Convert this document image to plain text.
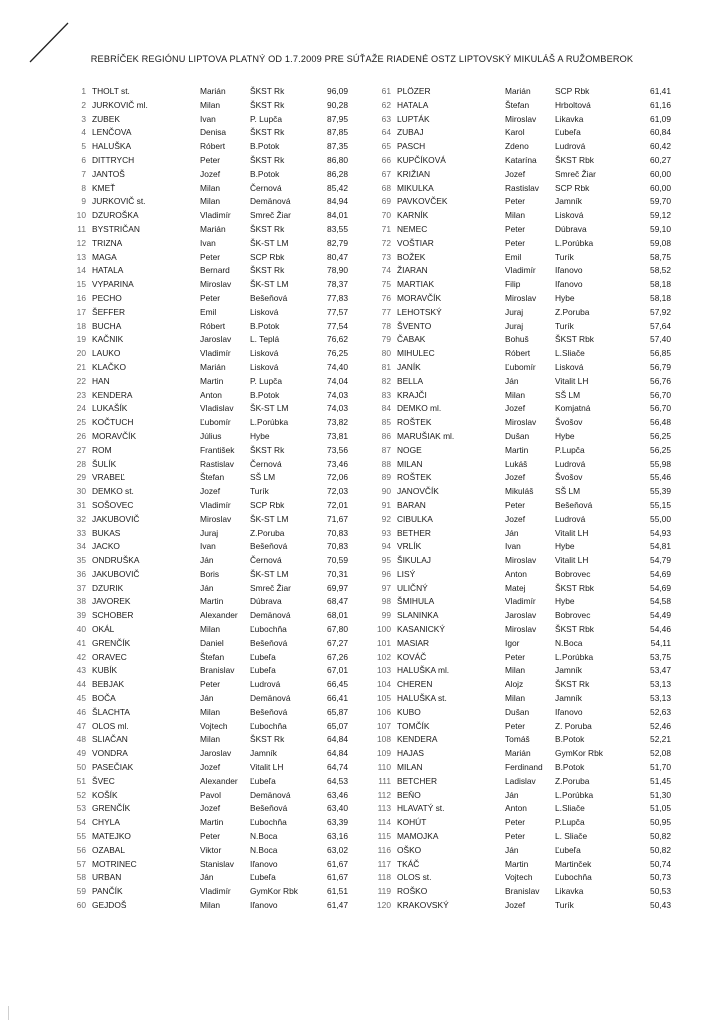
REBRÍČEK REGIÓNU LIPTOVA PLATNÝ OD 1.7.2009 PRE SÚŤAŽE RIADENÉ OSTZ LIPTOVSKÝ MIKULÁŠ A RUŽOMBEROK
1 THOLT st.	Marián	ŠKST Rk	96,09
2 JURKOVIČ ml.	Milan	ŠKST Rk	90,28
3 ZUBEK	Ivan	P. Lupča	87,95
4 LENČOVA	Denisa	ŠKST Rk	87,85
5 HALUŠKA	Róbert	B.Potok	87,35
6 DITTRYCH	Peter	ŠKST Rk	86,80
7 JANTOŠ	Jozef	B.Potok	86,28
8 KMEŤ	Milan	Černová	85,42
9 JURKOVIČ st.	Milan	Demänová	84,94
10 DZUROŠKA	Vladimír	Smreč Žiar	84,01
11 BYSTRIČAN	Marián	ŠKST Rk	83,55
12 TRIZNA	Ivan	ŠK-ST LM	82,79
13 MAGA	Peter	SCP Rbk	80,47
14 HATALA	Bernard	ŠKST Rk	78,90
15 VYPARINA	Miroslav	ŠK-ST LM	78,37
16 PECHO	Peter	Bešeňová	77,83
17 ŠEFFER	Emil	Lisková	77,57
18 BUCHA	Róbert	B.Potok	77,54
19 KAČNIK	Jaroslav	L. Teplá	76,62
20 LAUKO	Vladimír	Lisková	76,25
21 KLAČKO	Marián	Lisková	74,40
22 HAN	Martin	P. Lupča	74,04
23 KENDERA	Anton	B.Potok	74,03
24 LUKAŠÍK	Vladislav	ŠK-ST LM	74,03
25 KOČTUCH	Ľubomír	L.Porúbka	73,82
26 MORAVČÍK	Július	Hybe	73,81
27 ROM	František	ŠKST Rk	73,56
28 ŠULÍK	Rastislav	Černová	73,46
29 VRABEĽ	Štefan	SŠ LM	72,06
30 DEMKO st.	Jozef	Turík	72,03
31 SOŠOVEC	Vladimír	SCP Rbk	72,01
32 JAKUBOVIČ	Miroslav	ŠK-ST LM	71,67
33 BUKAS	Juraj	Z.Poruba	70,83
34 JACKO	Ivan	Bešeňová	70,83
35 ONDRUŠKA	Ján	Černová	70,59
36 JAKUBOVIČ	Boris	ŠK-ST LM	70,31
37 DZURIK	Ján	Smreč Žiar	69,97
38 JAVOREK	Martin	Dúbrava	68,47
39 SCHOBER	Alexander	Demänová	68,01
40 OKÁL	Milan	Ľubochňa	67,80
41 GRENČÍK	Daniel	Bešeňová	67,27
42 ORAVEC	Štefan	Ľubeľa	67,26
43 KUBÍK	Branislav	Ľubeľa	67,01
44 BEBJAK	Peter	Ludrová	66,45
45 BOČA	Ján	Demänová	66,41
46 ŠLACHTA	Milan	Bešeňová	65,87
47 OLOS ml.	Vojtech	Ľubochňa	65,07
48 SLIAČAN	Milan	ŠKST Rk	64,84
49 VONDRA	Jaroslav	Jamník	64,84
50 PASEČIAK	Jozef	Vitalit LH	64,74
51 ŠVEC	Alexander	Ľubeľa	64,53
52 KOŠÍK	Pavol	Demänová	63,46
53 GRENČÍK	Jozef	Bešeňová	63,40
54 CHYLA	Martin	Ľubochňa	63,39
55 MATEJKO	Peter	N.Boca	63,16
56 OZABAL	Viktor	N.Boca	63,02
57 MOTRINEC	Stanislav	Iľanovo	61,67
58 URBAN	Ján	Ľubeľa	61,67
59 PANČÍK	Vladimír	GymKor Rbk	61,51
60 GEJDOŠ	Milan	Iľanovo	61,47
61 PLÖZER	Marián	SCP Rbk	61,41
62 HATALA	Štefan	Hrboltová	61,16
63 LUPTÁK	Miroslav	Likavka	61,09
64 ZUBAJ	Karol	Ľubeľa	60,84
65 PASCH	Zdeno	Ludrová	60,42
66 KUPČÍKOVÁ	Katarína	ŠKST Rbk	60,27
67 KRIŽIAN	Jozef	Smreč Žiar	60,00
68 MIKULKA	Rastislav	SCP Rbk	60,00
69 PAVKOVČEK	Peter	Jamník	59,70
70 KARNÍK	Milan	Lisková	59,12
71 NEMEC	Peter	Dúbrava	59,10
72 VOŠTIAR	Peter	L.Porúbka	59,08
73 BOŽEK	Emil	Turík	58,75
74 ŽIARAN	Vladimír	Iľanovo	58,52
75 MARTIAK	Filip	Iľanovo	58,18
76 MORAVČÍK	Miroslav	Hybe	58,18
77 LEHOTSKÝ	Juraj	Z.Poruba	57,92
78 ŠVENTO	Juraj	Turík	57,64
79 ČABAK	Bohuš	ŠKST Rbk	57,40
80 MIHULEC	Róbert	L.Sliače	56,85
81 JANÍK	Ľubomír	Lisková	56,79
82 BELLA	Ján	Vitalit LH	56,76
83 KRAJČI	Milan	SŠ LM	56,70
84 DEMKO ml.	Jozef	Komjatná	56,70
85 ROŠTEK	Miroslav	Švošov	56,48
86 MARUŠIAK ml.	Dušan	Hybe	56,25
87 NOGE	Martin	P.Lupča	56,25
88 MILAN	Lukáš	Ludrová	55,98
89 ROŠTEK	Jozef	Švošov	55,46
90 JANOVČÍK	Mikuláš	SŠ LM	55,39
91 BARAN	Peter	Bešeňová	55,15
92 CIBULKA	Jozef	Ludrová	55,00
93 BETHER	Ján	Vitalit LH	54,93
94 VRLÍK	Ivan	Hybe	54,81
95 ŠIKULAJ	Miroslav	Vitalit LH	54,79
96 LISÝ	Anton	Bobrovec	54,69
97 ULIČNÝ	Matej	ŠKST Rbk	54,69
98 ŠMIHULA	Vladimír	Hybe	54,58
99 SLANINKA	Jaroslav	Bobrovec	54,49
100 KASANICKÝ	Miroslav	ŠKST Rbk	54,46
101 MASIAR	Igor	N.Boca	54,11
102 KOVÁČ	Peter	L.Porúbka	53,75
103 HALUŠKA ml.	Milan	Jamník	53,47
104 CHEREN	Alojz	ŠKST Rk	53,13
105 HALUŠKA st.	Milan	Jamník	53,13
106 KUBO	Dušan	Iľanovo	52,63
107 TOMČÍK	Peter	Z. Poruba	52,46
108 KENDERA	Tomáš	B.Potok	52,21
109 HAJAS	Marián	GymKor Rbk	52,08
110 MILAN	Ferdinand	B.Potok	51,70
111 BETCHER	Ladislav	Z.Poruba	51,45
112 BEŇO	Ján	L.Porúbka	51,30
113 HLAVATÝ st.	Anton	L.Sliače	51,05
114 KOHÚT	Peter	P.Lupča	50,95
115 MAMOJKA	Peter	L. Sliače	50,82
116 OŠKO	Ján	Ľubeľa	50,82
117 TKÁČ	Martin	Martinček	50,74
118 OLOS st.	Vojtech	Ľubochňa	50,73
119 ROŠKO	Branislav	Likavka	50,53
120 KRAKOVSKÝ	Jozef	Turík	50,43
